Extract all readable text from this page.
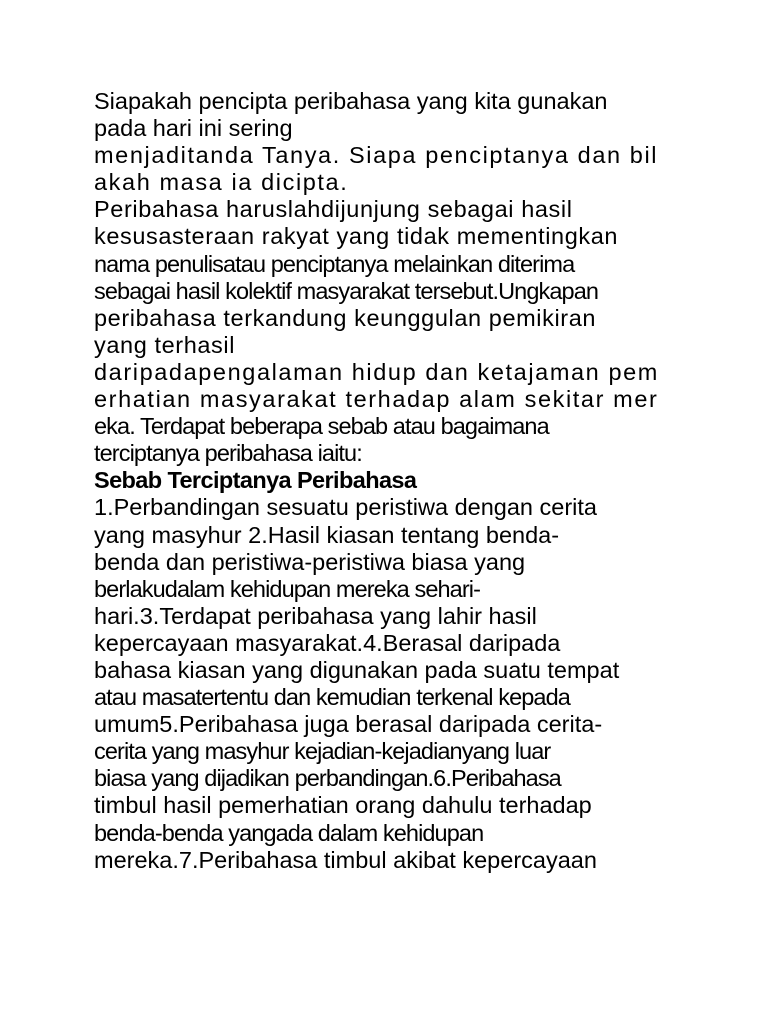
Siapakah pencipta peribahasa yang kita gunakan
pada hari ini sering
menjaditanda Tanya. Siapa penciptanya dan bil
akah masa ia dicipta.
Peribahasa haruslahdijunjung sebagai hasil
kesusasteraan rakyat yang tidak mementingkan
nama penulisatau penciptanya melainkan diterima
sebagai hasil kolektif masyarakat tersebut.Ungkapan
peribahasa terkandung keunggulan pemikiran
yang terhasil
daripadapengalaman hidup dan ketajaman pem
erhatian masyarakat terhadap alam sekitar mer
eka. Terdapat beberapa sebab atau bagaimana
terciptanya peribahasa iaitu:
Sebab Terciptanya Peribahasa
1.Perbandingan sesuatu peristiwa dengan cerita
yang masyhur 2.Hasil kiasan tentang benda-
benda dan peristiwa-peristiwa biasa yang
berlakudalam kehidupan mereka sehari-
hari.3.Terdapat peribahasa yang lahir hasil
kepercayaan masyarakat.4.Berasal daripada
bahasa kiasan yang digunakan pada suatu tempat
atau masatertentu dan kemudian terkenal kepada
umum5.Peribahasa juga berasal daripada cerita-
cerita yang masyhur kejadian-kejadianyang luar
biasa yang dijadikan perbandingan.6.Peribahasa
timbul hasil pemerhatian orang dahulu terhadap
benda-benda yangada dalam kehidupan
mereka.7.Peribahasa timbul akibat kepercayaan
